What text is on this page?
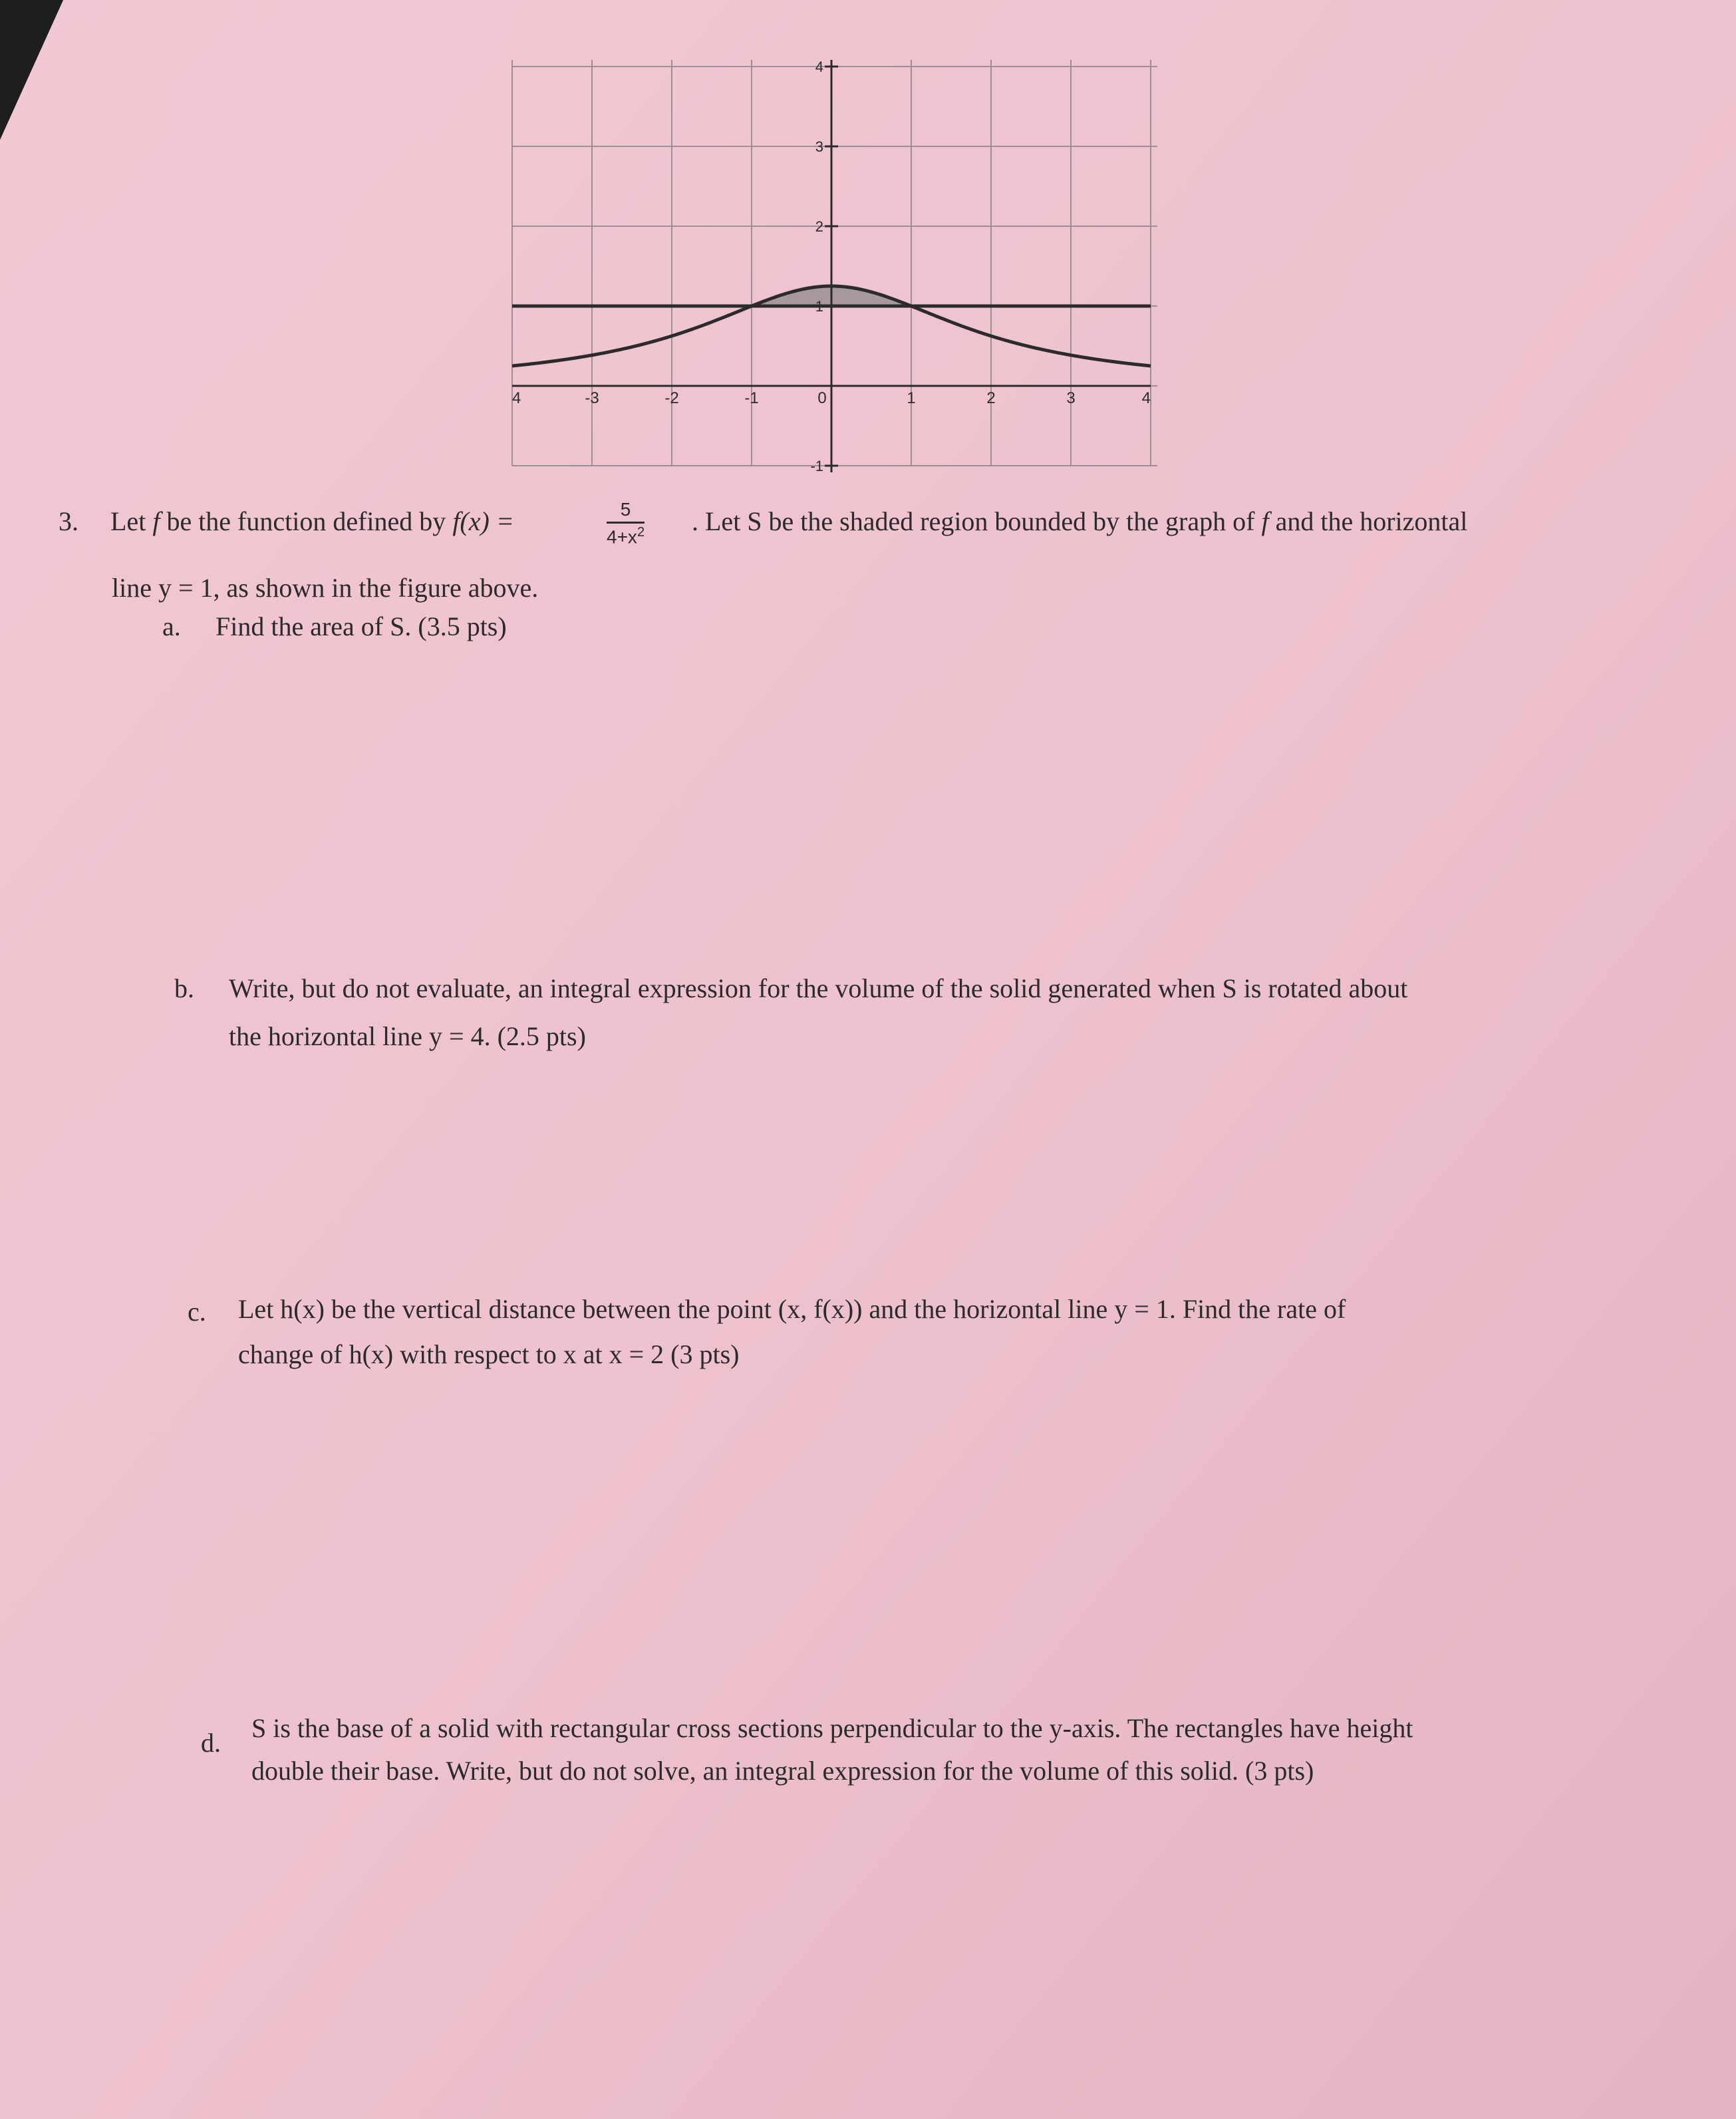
4	-3	-2	-1	0	1	2	3	4
4
3
2
1
-1
3. Let f be the function defined by f(x) =	$\frac{5}{4+x^2}$ . Let S be the shaded region bounded by the graph of f and the horizontal
line y = 1, as shown in the figure above.
a. Find the area of S. (3.5 pts)
b. Write, but do not evaluate, an integral expression for the volume of the solid generated when S is rotated about
the horizontal line y = 4. (2.5 pts)
c. Let h(x) be the vertical distance between the point (x, f(x)) and the horizontal line y = 1. Find the rate of
change of h(x) with respect to x at x = 2 (3 pts)
d. S is the base of a solid with rectangular cross sections perpendicular to the y-axis. The rectangles have height
double their base. Write, but do not solve, an integral expression for the volume of this solid. (3 pts)
